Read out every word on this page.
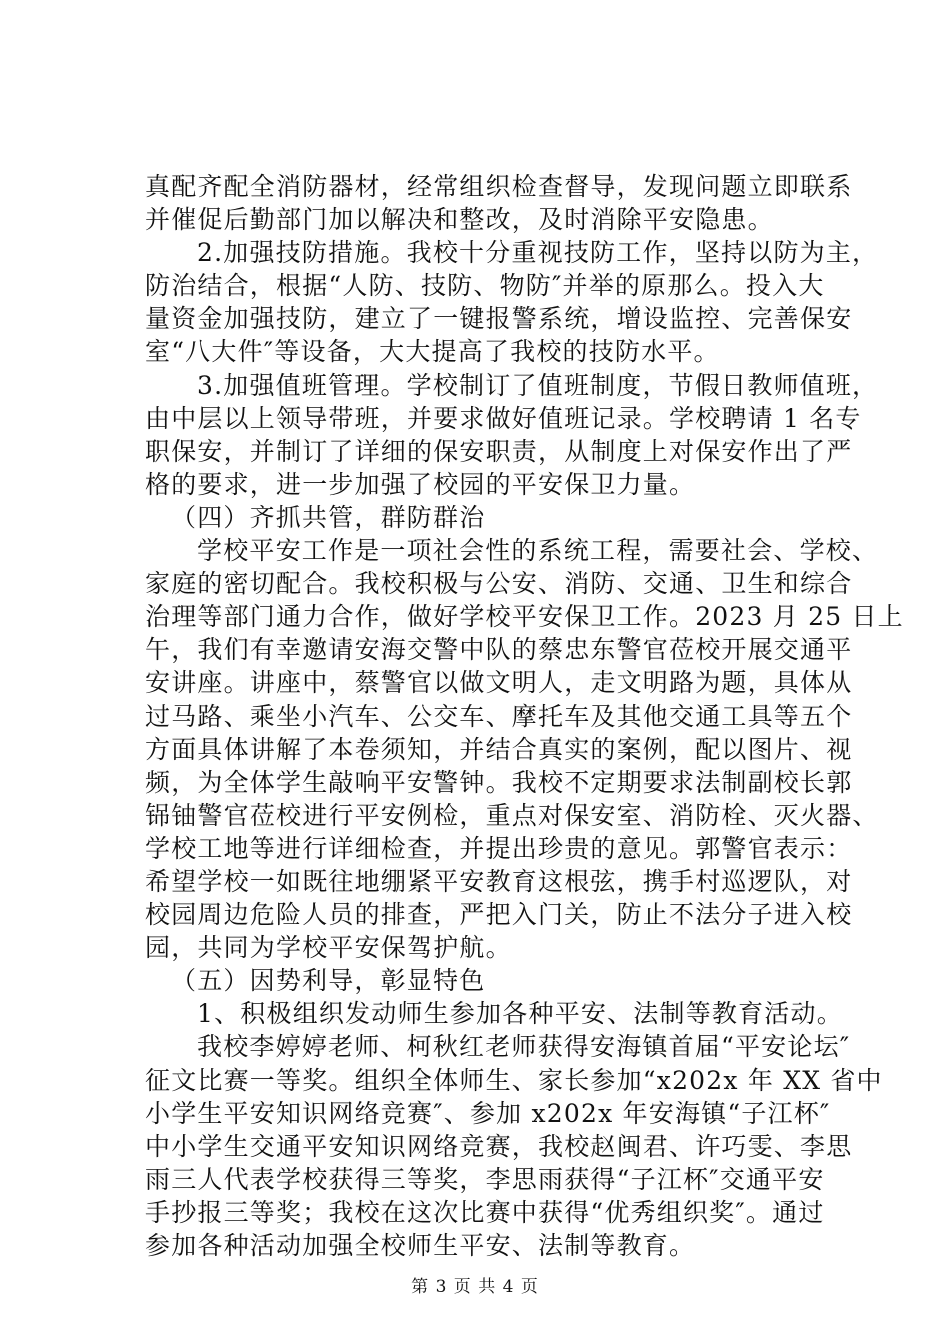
真配齐配全消防器材，经常组织检查督导，发现问题立即联系
并催促后勤部门加以解决和整改，及时消除平安隐患。
2.加强技防措施。我校十分重视技防工作，坚持以防为主，
防治结合，根据“人防、技防、物防″并举的原那么。投入大
量资金加强技防，建立了一键报警系统，增设监控、完善保安
室“八大件″等设备，大大提高了我校的技防水平。
3.加强值班管理。学校制订了值班制度，节假日教师值班，
由中层以上领导带班，并要求做好值班记录。学校聘请 1 名专
职保安，并制订了详细的保安职责，从制度上对保安作出了严
格的要求，进一步加强了校园的平安保卫力量。
（四）齐抓共管，群防群治
学校平安工作是一项社会性的系统工程，需要社会、学校、
家庭的密切配合。我校积极与公安、消防、交通、卫生和综合
治理等部门通力合作，做好学校平安保卫工作。2023 月 25 日上
午，我们有幸邀请安海交警中队的蔡忠东警官莅校开展交通平
安讲座。讲座中，蔡警官以做文明人，走文明路为题，具体从
过马路、乘坐小汽车、公交车、摩托车及其他交通工具等五个
方面具体讲解了本卷须知，并结合真实的案例，配以图片、视
频，为全体学生敲响平安警钟。我校不定期要求法制副校长郭
铞铀警官莅校进行平安例检，重点对保安室、消防栓、灭火器、
学校工地等进行详细检查，并提出珍贵的意见。郭警官表示：
希望学校一如既往地绷紧平安教育这根弦，携手村巡逻队，对
校园周边危险人员的排查，严把入门关，防止不法分子进入校
园，共同为学校平安保驾护航。
（五）因势利导，彰显特色
1、积极组织发动师生参加各种平安、法制等教育活动。
我校李婷婷老师、柯秋红老师获得安海镇首届“平安论坛″
征文比赛一等奖。组织全体师生、家长参加“x202x 年 XX 省中
小学生平安知识网络竞赛″、参加 x202x 年安海镇“子江杯″
中小学生交通平安知识网络竞赛，我校赵闽君、许巧雯、李思
雨三人代表学校获得三等奖，李思雨获得“子江杯″交通平安
手抄报三等奖；我校在这次比赛中获得“优秀组织奖″。通过
参加各种活动加强全校师生平安、法制等教育。
第 3 页 共 4 页
